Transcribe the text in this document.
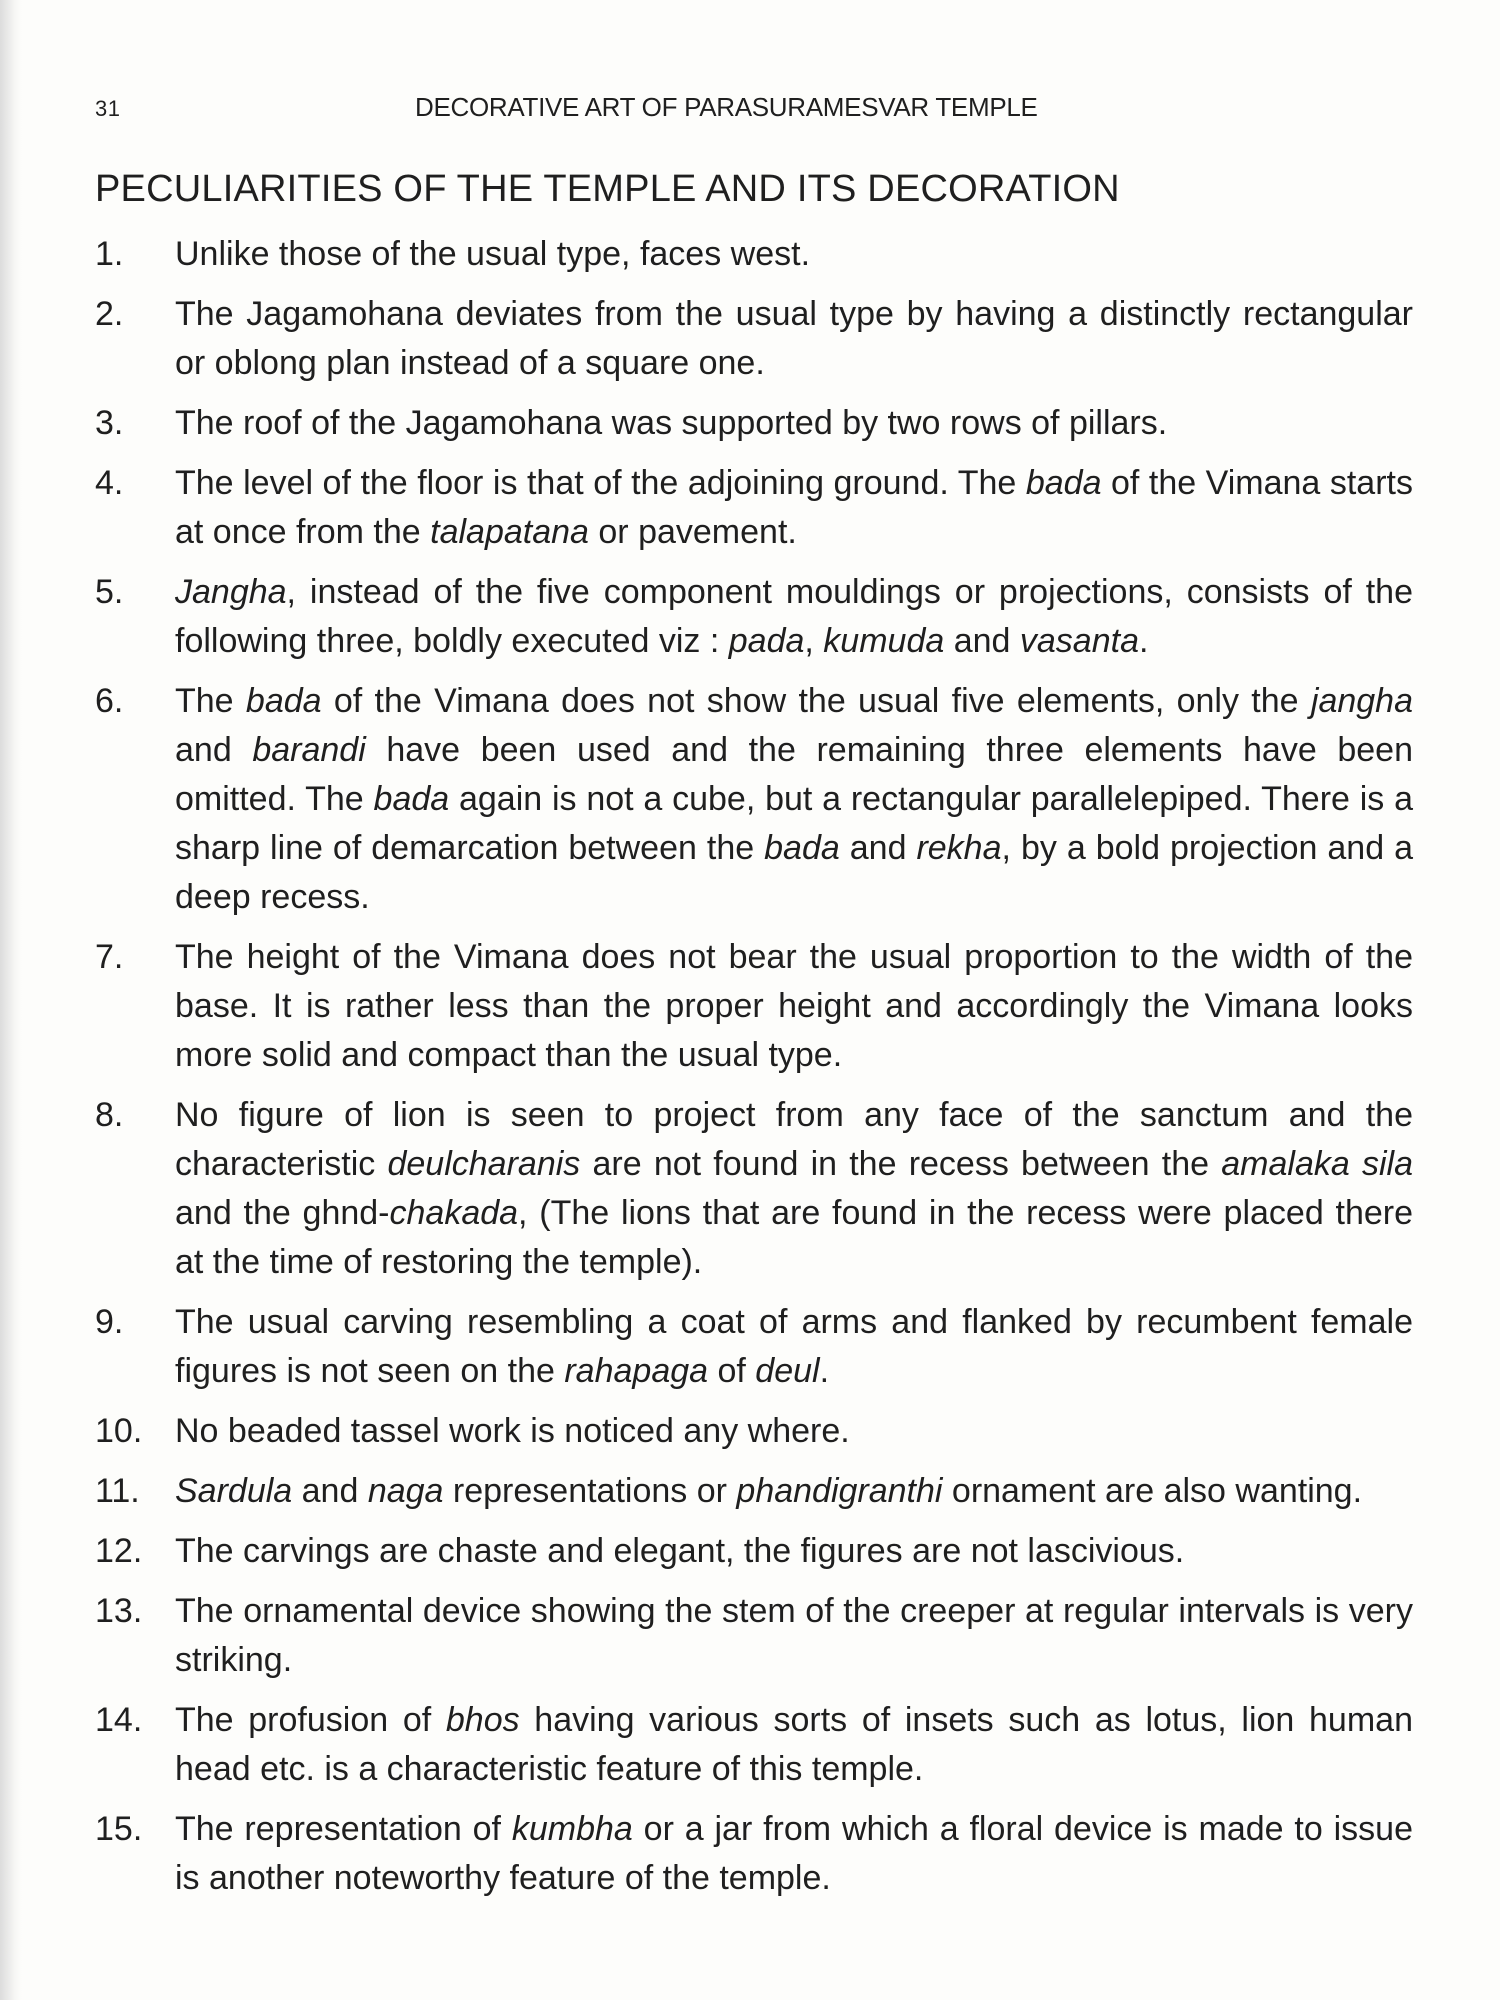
31	DECORATIVE ART OF PARASURAMESVAR TEMPLE
PECULIARITIES OF THE TEMPLE AND ITS DECORATION
1.	Unlike those of the usual type, faces west.
2.	The Jagamohana deviates from the usual type by having a distinctly rectangular or oblong plan instead of a square one.
3.	The roof of the Jagamohana was supported by two rows of pillars.
4.	The level of the floor is that of the adjoining ground. The bada of the Vimana starts at once from the talapatana or pavement.
5.	Jangha, instead of the five component mouldings or projections, consists of the following three, boldly executed viz : pada, kumuda and vasanta.
6.	The bada of the Vimana does not show the usual five elements, only the jangha and barandi have been used and the remaining three elements have been omitted. The bada again is not a cube, but a rectangular parallelepiped. There is a sharp line of demarcation between the bada and rekha, by a bold projection and a deep recess.
7.	The height of the Vimana does not bear the usual proportion to the width of the base. It is rather less than the proper height and accordingly the Vimana looks more solid and compact than the usual type.
8.	No figure of lion is seen to project from any face of the sanctum and the characteristic deulcharanis are not found in the recess between the amalaka sila and the ghnd-chakada, (The lions that are found in the recess were placed there at the time of restoring the temple).
9.	The usual carving resembling a coat of arms and flanked by recumbent female figures is not seen on the rahapaga of deul.
10. No beaded tassel work is noticed any where.
11.	Sardula and naga representations or phandigranthi ornament are also wanting.
12. The carvings are chaste and elegant, the figures are not lascivious.
13. The ornamental device showing the stem of the creeper at regular intervals is very striking.
14. The profusion of bhos having various sorts of insets such as lotus, lion human head etc. is a characteristic feature of this temple.
15. The representation of kumbha or a jar from which a floral device is made to issue is another noteworthy feature of the temple.
